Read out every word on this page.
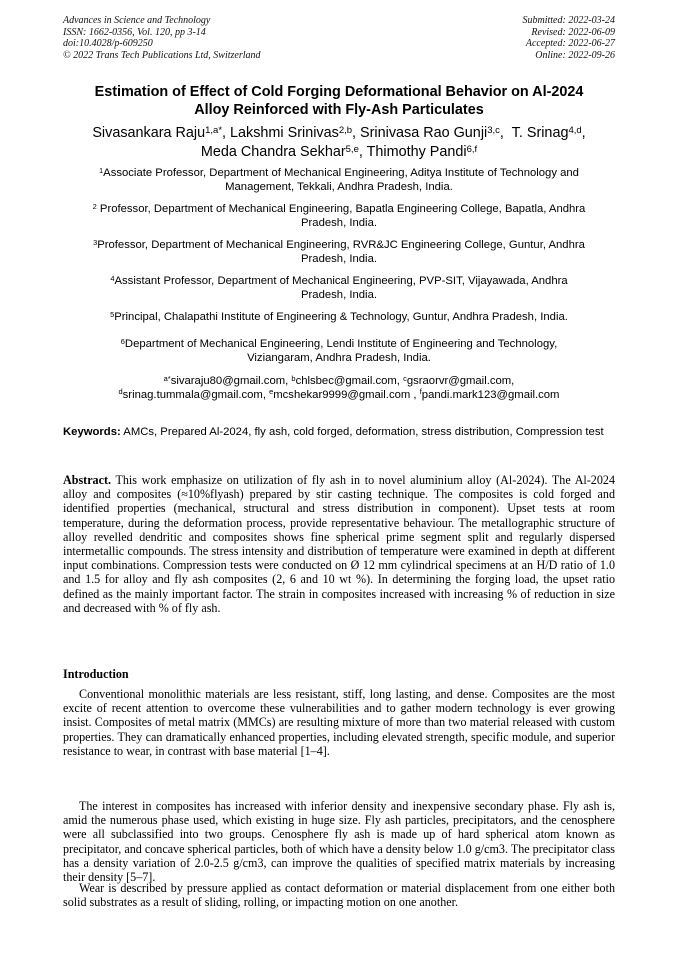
Advances in Science and Technology
ISSN: 1662-0356, Vol. 120, pp 3-14
doi:10.4028/p-609250
© 2022 Trans Tech Publications Ltd, Switzerland
Submitted: 2022-03-24
Revised: 2022-06-09
Accepted: 2022-06-27
Online: 2022-09-26
Estimation of Effect of Cold Forging Deformational Behavior on Al-2024
Alloy Reinforced with Fly-Ash Particulates
Sivasankara Raju$^{1,a*}$, Lakshmi Srinivas$^{2,b}$, Srinivasa Rao Gunji$^{3,c}$,  T. Srinag$^{4,d}$,
Meda Chandra Sekhar$^{5,e}$, Thimothy Pandi$^{6,f}$
$^1$Associate Professor, Department of Mechanical Engineering, Aditya Institute of Technology and
Management, Tekkali, Andhra Pradesh, India.
$^2$ Professor, Department of Mechanical Engineering, Bapatla Engineering College, Bapatla, Andhra
Pradesh, India.
$^3$Professor, Department of Mechanical Engineering, RVR&JC Engineering College, Guntur, Andhra
Pradesh, India.
$^4$Assistant Professor, Department of Mechanical Engineering, PVP-SIT, Vijayawada, Andhra
Pradesh, India.
$^5$Principal, Chalapathi Institute of Engineering & Technology, Guntur, Andhra Pradesh, India.
$^6$Department of Mechanical Engineering, Lendi Institute of Engineering and Technology,
Viziangaram, Andhra Pradesh, India.
$^{a*}$sivaraju80@gmail.com, $^b$chlsbec@gmail.com, $^c$gsraorvr@gmail.com,
$^d$srinag.tummala@gmail.com, $^e$mcshekar9999@gmail.com , $^f$pandi.mark123@gmail.com
Keywords: AMCs, Prepared Al-2024, fly ash, cold forged, deformation, stress distribution, Compression test
Abstract. This work emphasize on utilization of fly ash in to novel aluminium alloy (Al-2024). The Al-2024 alloy and composites (≈10%flyash) prepared by stir casting technique. The composites is cold forged and identified properties (mechanical, structural and stress distribution in component). Upset tests at room temperature, during the deformation process, provide representative behaviour. The metallographic structure of alloy revelled dendritic and composites shows fine spherical prime segment split and regularly dispersed intermetallic compounds. The stress intensity and distribution of temperature were examined in depth at different input combinations. Compression tests were conducted on Ø 12 mm cylindrical specimens at an H/D ratio of 1.0 and 1.5 for alloy and fly ash composites (2, 6 and 10 wt %). In determining the forging load, the upset ratio defined as the mainly important factor. The strain in composites increased with increasing % of reduction in size and decreased with % of fly ash.
Introduction
Conventional monolithic materials are less resistant, stiff, long lasting, and dense. Composites are the most excite of recent attention to overcome these vulnerabilities and to gather modern technology is ever growing insist. Composites of metal matrix (MMCs) are resulting mixture of more than two material released with custom properties. They can dramatically enhanced properties, including elevated strength, specific module, and superior resistance to wear, in contrast with base material [1–4].
The interest in composites has increased with inferior density and inexpensive secondary phase. Fly ash is, amid the numerous phase used, which existing in huge size. Fly ash particles, precipitators, and the cenosphere were all subclassified into two groups. Cenosphere fly ash is made up of hard spherical atom known as precipitator, and concave spherical particles, both of which have a density below 1.0 g/cm3. The precipitator class has a density variation of 2.0-2.5 g/cm3, can improve the qualities of specified matrix materials by increasing their density [5–7].
Wear is described by pressure applied as contact deformation or material displacement from one either both solid substrates as a result of sliding, rolling, or impacting motion on one another.
